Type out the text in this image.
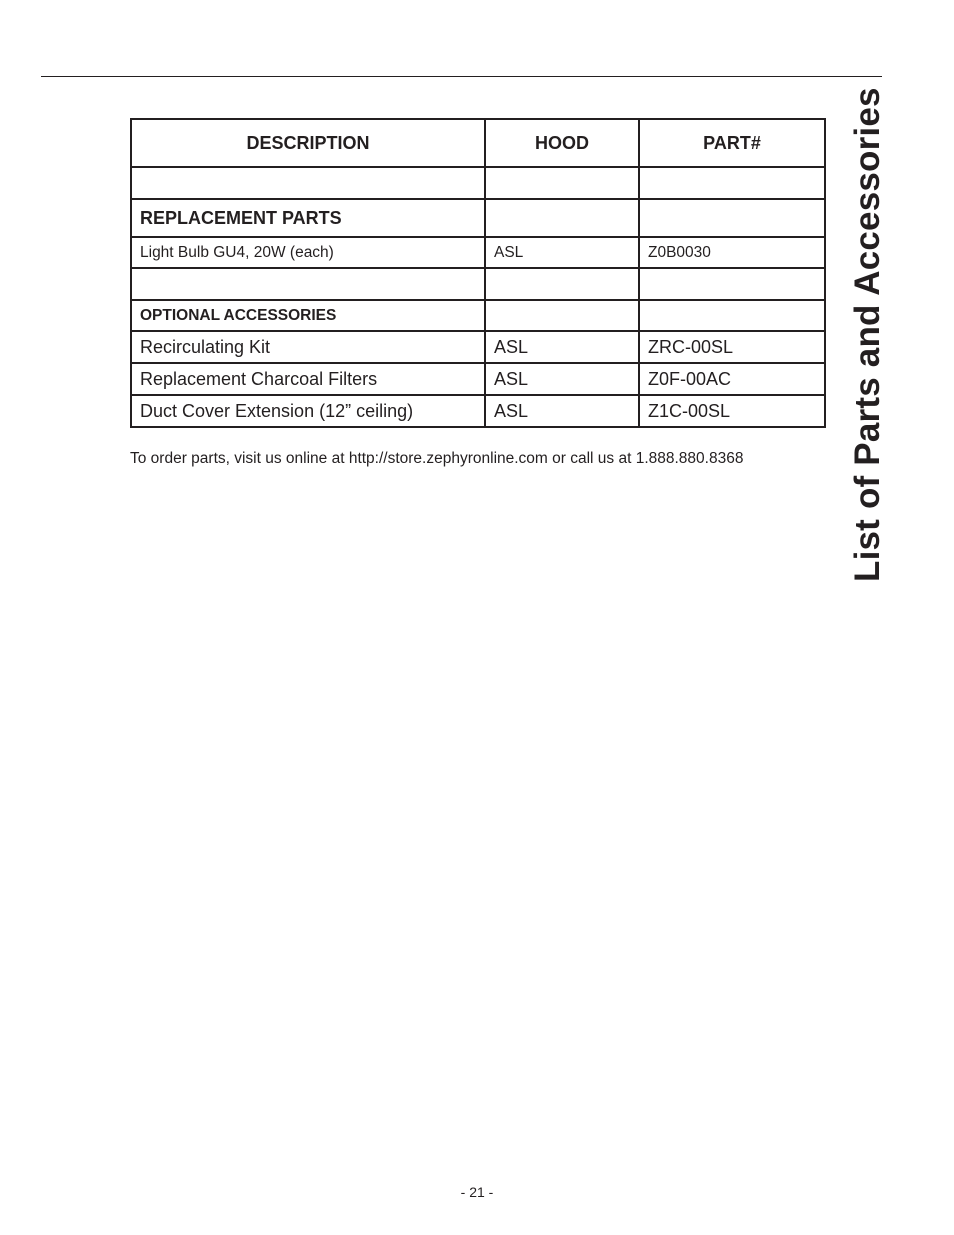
List of Parts and Accessories
DESCRIPTION	HOOD	PART#

REPLACEMENT PARTS		
Light Bulb GU4, 20W (each)	ASL	Z0B0030

OPTIONAL ACCESSORIES		
Recirculating Kit	ASL	ZRC-00SL
Replacement Charcoal Filters	ASL	Z0F-00AC
Duct Cover Extension (12” ceiling)	ASL	Z1C-00SL
To order parts, visit us online at http://store.zephyronline.com or call us at 1.888.880.8368
- 21 -
